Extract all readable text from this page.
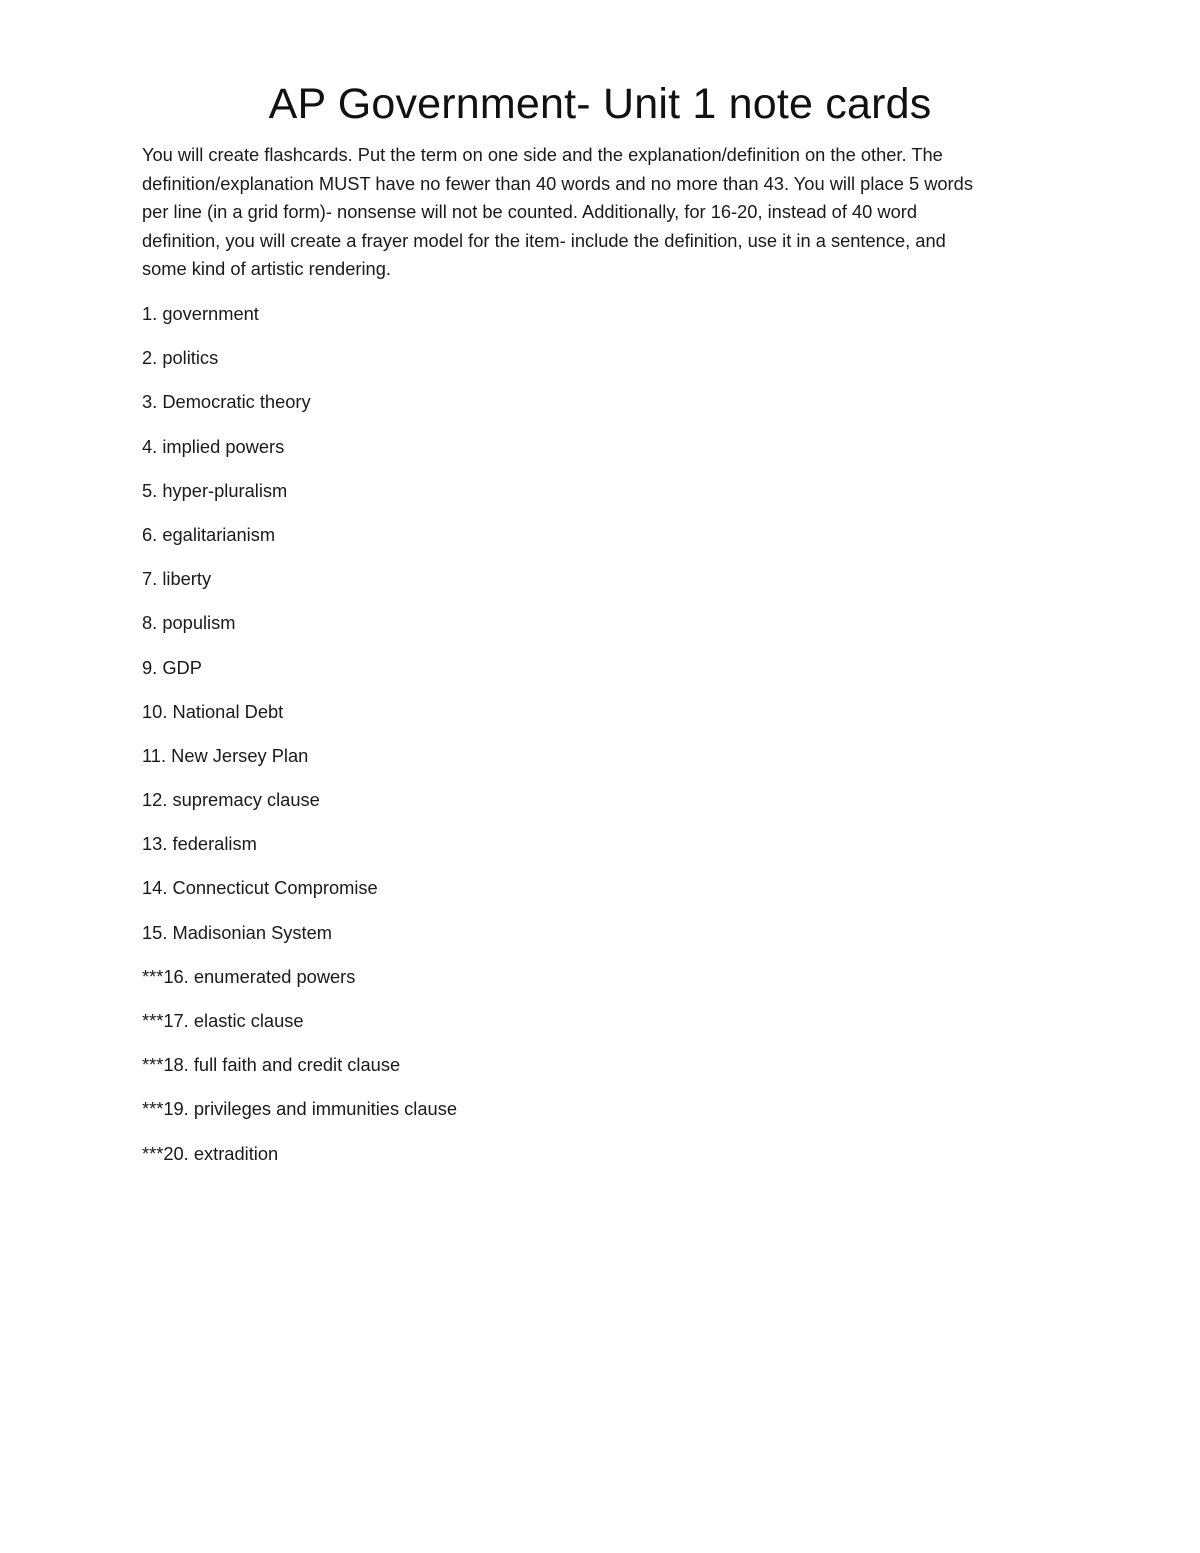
AP Government- Unit 1 note cards

You will create flashcards. Put the term on one side and the explanation/definition on the other. The
definition/explanation MUST have no fewer than 40 words and no more than 43. You will place 5 words
per line (in a grid form)- nonsense will not be counted. Additionally, for 16-20, instead of 40 word
definition, you will create a frayer model for the item- include the definition, use it in a sentence, and
some kind of artistic rendering.

1. government
2. politics
3. Democratic theory
4. implied powers
5. hyper-pluralism
6. egalitarianism
7. liberty
8. populism
9. GDP
10. National Debt
11. New Jersey Plan
12. supremacy clause
13. federalism
14. Connecticut Compromise
15. Madisonian System
***16. enumerated powers
***17. elastic clause
***18. full faith and credit clause
***19. privileges and immunities clause
***20. extradition
